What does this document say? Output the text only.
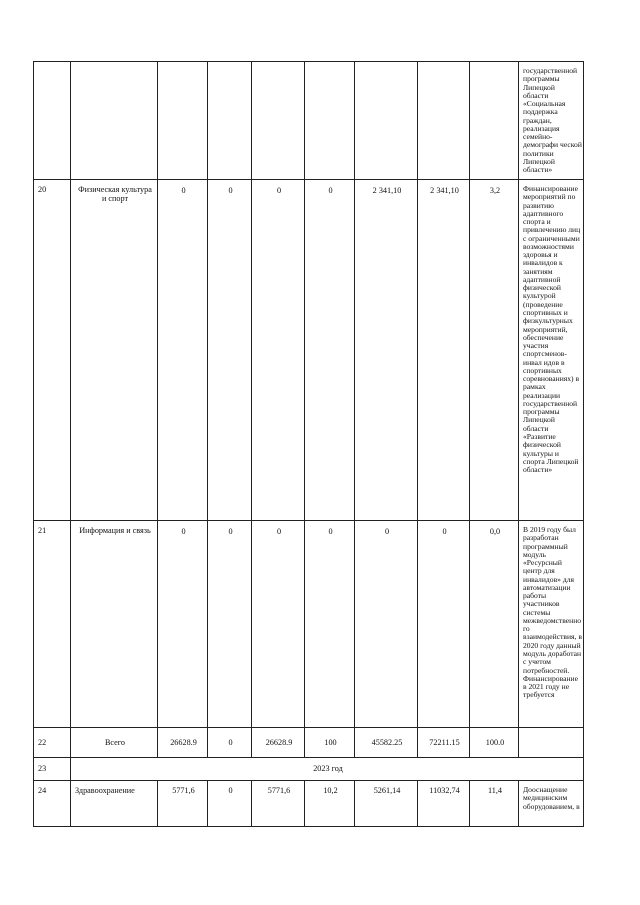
									государственной программы Липецкой области «Социальная поддержка граждан, реализация семейно-демографи ческой политики Липецкой области»
20	Физическая культура и спорт	0	0	0	0	2 341,10	2 341,10	3,2	Финансирование мероприятий по развитию адаптивного спорта и привлечению лиц с ограниченными возможностями здоровья и инвалидов к занятиям адаптивной физической культурой (проведение спортивных и физкультурных мероприятий, обеспечение участия спортсменов-инвал идов в спортивных соревнованиях) в рамках реализации государственной программы Липецкой области «Развитие физической культуры и спорта Липецкой области»
21	Информация и связь	0	0	0	0	0	0	0,0	В 2019 году был разработан программный модуль «Ресурсный центр для инвалидов» для автоматизации работы участников системы межведомственного взаимодействия, в 2020 году данный модуль доработан с учетом потребностей. Финансирование в 2021 году не требуется
22	Всего	26628.9	0	26628.9	100	45582.25	72211.15	100.0	
23	2023 год								
24	Здравоохранение	5771,6	0	5771,6	10,2	5261,14	11032,74	11,4	Дооснащение медицинским оборудованием, в
